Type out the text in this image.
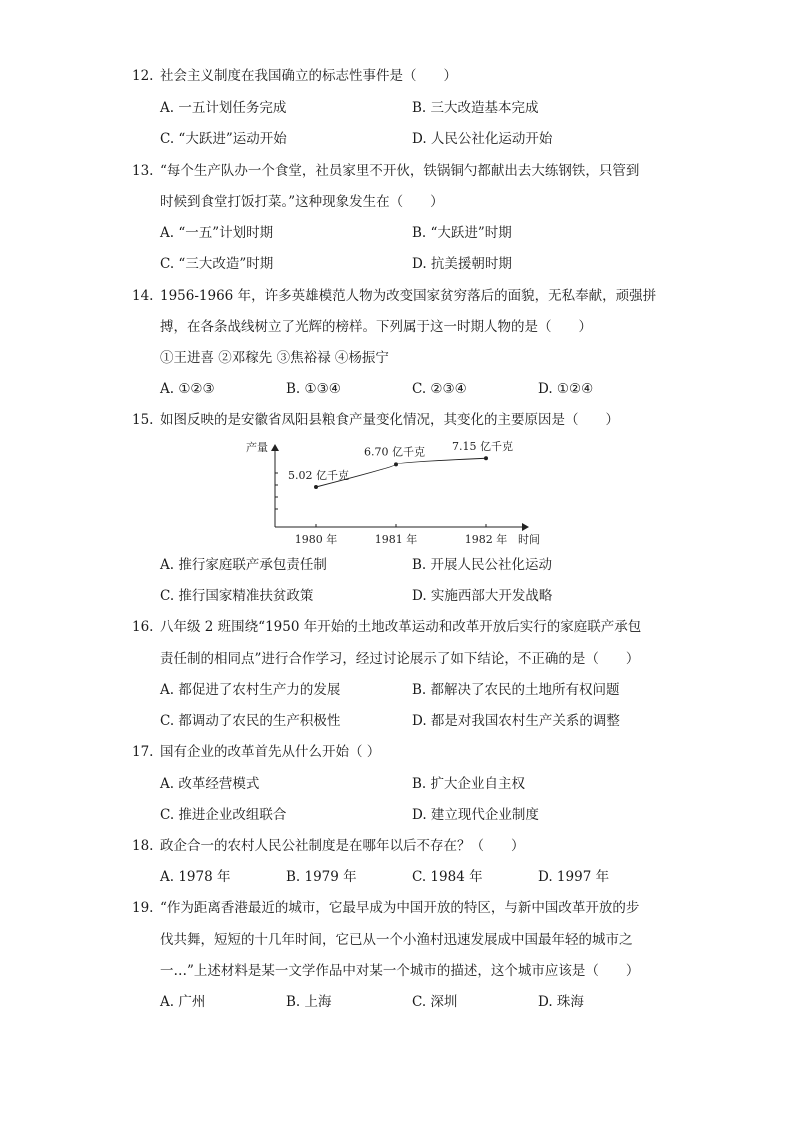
12. 社会主义制度在我国确立的标志性事件是（　　）
A. 一五计划任务完成	B. 三大改造基本完成
C. “大跃进”运动开始	D. 人民公社化运动开始
13. “每个生产队办一个食堂，社员家里不开伙，铁锅铜勺都献出去大练钢铁，只管到
时候到食堂打饭打菜。”这种现象发生在（　　）
A. “一五”计划时期	B. “大跃进”时期
C. “三大改造”时期	D. 抗美援朝时期
14. 1956-1966 年，许多英雄模范人物为改变国家贫穷落后的面貌，无私奉献，顽强拼
搏，在各条战线树立了光辉的榜样。下列属于这一时期人物的是（　　）
①王进喜 ②邓稼先 ③焦裕禄 ④杨振宁
A. ①②③	B. ①③④	C. ②③④	D. ①②④
15. 如图反映的是安徽省凤阳县粮食产量变化情况，其变化的主要原因是（　　）
产量
时间
1980 年	1981 年	1982 年
5.02 亿千克
6.70 亿千克 7.15 亿千克
A. 推行家庭联产承包责任制	B. 开展人民公社化运动
C. 推行国家精准扶贫政策	D. 实施西部大开发战略
16. 八年级 2 班围绕“1950 年开始的土地改革运动和改革开放后实行的家庭联产承包
责任制的相同点”进行合作学习，经过讨论展示了如下结论，不正确的是（　　）
A. 都促进了农村生产力的发展	B. 都解决了农民的土地所有权问题
C. 都调动了农民的生产积极性	D. 都是对我国农村生产关系的调整
17. 国有企业的改革首先从什么开始（ ）
A. 改革经营模式	B. 扩大企业自主权
C. 推进企业改组联合	D. 建立现代企业制度
18. 政企合一的农村人民公社制度是在哪年以后不存在？（　　）
A. 1978 年	B. 1979 年	C. 1984 年	D. 1997 年
19. “作为距离香港最近的城市，它最早成为中国开放的特区，与新中国改革开放的步
伐共舞，短短的十几年时间，它已从一个小渔村迅速发展成中国最年轻的城市之
一…”上述材料是某一文学作品中对某一个城市的描述，这个城市应该是（　　）
A. 广州	B. 上海	C. 深圳	D. 珠海
